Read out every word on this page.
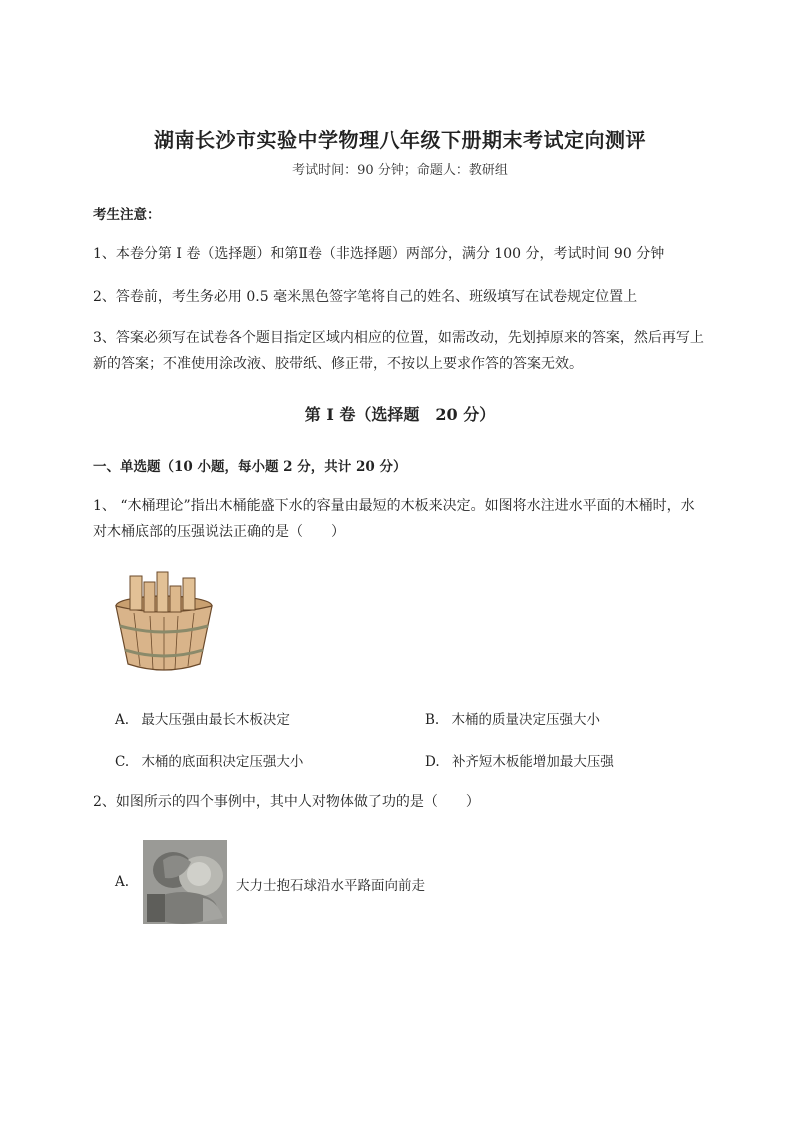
湖南长沙市实验中学物理八年级下册期末考试定向测评
考试时间：90 分钟；命题人：教研组
考生注意：
1、本卷分第 I 卷（选择题）和第Ⅱ卷（非选择题）两部分，满分 100 分，考试时间 90 分钟
2、答卷前，考生务必用 0.5 毫米黑色签字笔将自己的姓名、班级填写在试卷规定位置上
3、答案必须写在试卷各个题目指定区域内相应的位置，如需改动，先划掉原来的答案，然后再写上新的答案；不准使用涂改液、胶带纸、修正带，不按以上要求作答的答案无效。
第 I 卷（选择题　20 分）
一、单选题（10 小题，每小题 2 分，共计 20 分）
1、 “木桶理论”指出木桶能盛下水的容量由最短的木板来决定。如图将水注进水平面的木桶时，水对木桶底部的压强说法正确的是（　　）
A. 最大压强由最长木板决定	B. 木桶的质量决定压强大小
C. 木桶的底面积决定压强大小	D. 补齐短木板能增加最大压强
2、如图所示的四个事例中，其中人对物体做了功的是（　　）
A.	大力士抱石球沿水平路面向前走
